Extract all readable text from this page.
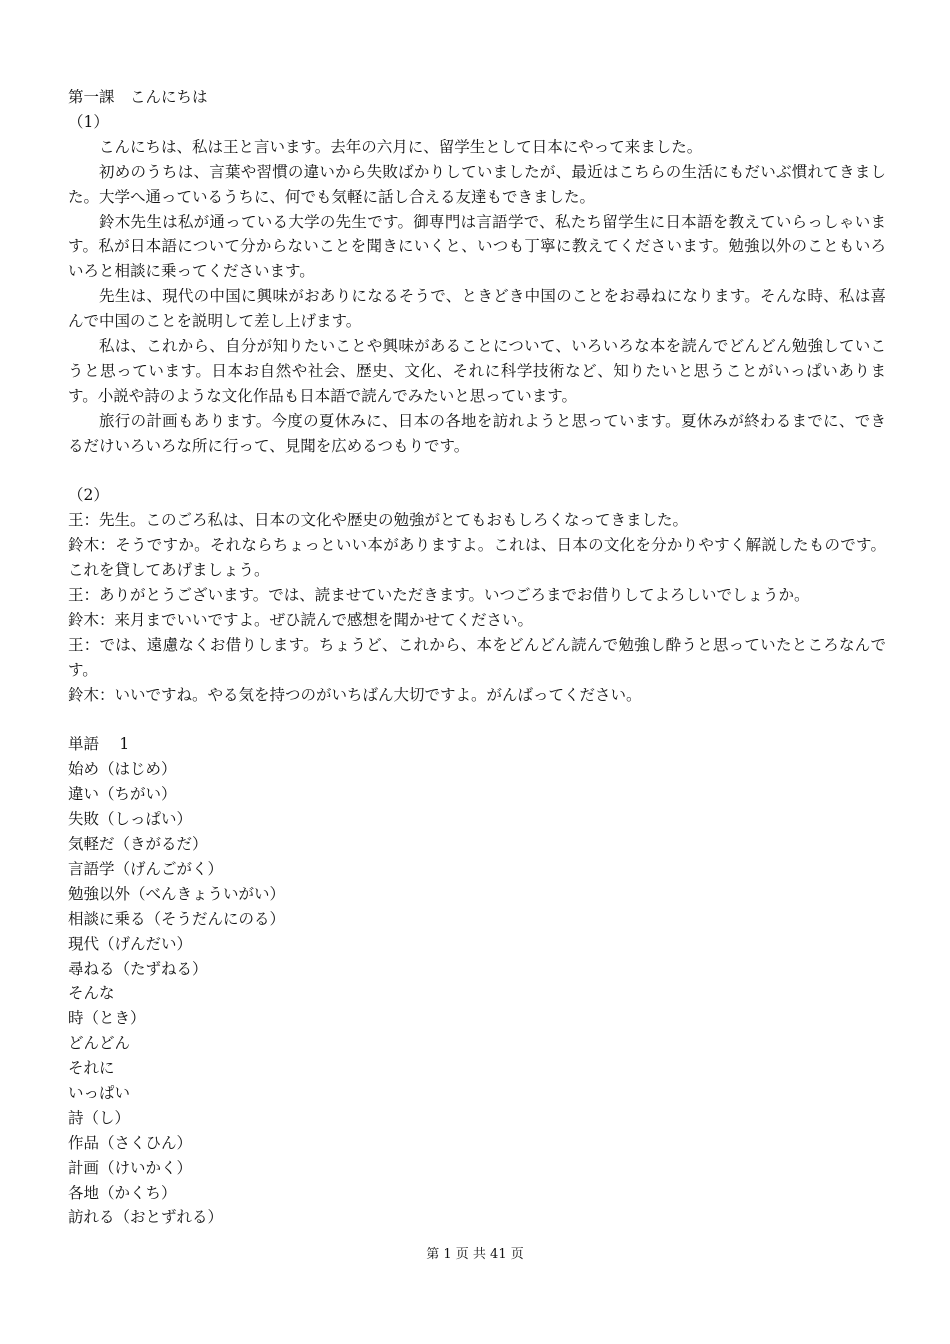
第一課　こんにちは
（1）
こんにちは、私は王と言います。去年の六月に、留学生として日本にやって来ました。
初めのうちは、言葉や習慣の違いから失敗ばかりしていましたが、最近はこちらの生活にもだいぶ慣れてきました。大学へ通っているうちに、何でも気軽に話し合える友達もできました。
鈴木先生は私が通っている大学の先生です。御専門は言語学で、私たち留学生に日本語を教えていらっしゃいます。私が日本語について分からないことを聞きにいくと、いつも丁寧に教えてくださいます。勉強以外のこともいろいろと相談に乗ってくださいます。
先生は、現代の中国に興味がおありになるそうで、ときどき中国のことをお尋ねになります。そんな時、私は喜んで中国のことを説明して差し上げます。
私は、これから、自分が知りたいことや興味があることについて、いろいろな本を読んでどんどん勉強していこうと思っています。日本お自然や社会、歴史、文化、それに科学技術など、知りたいと思うことがいっぱいあります。小説や詩のような文化作品も日本語で読んでみたいと思っています。
旅行の計画もあります。今度の夏休みに、日本の各地を訪れようと思っています。夏休みが終わるまでに、できるだけいろいろな所に行って、見聞を広めるつもりです。
（2）
王：先生。このごろ私は、日本の文化や歴史の勉強がとてもおもしろくなってきました。
鈴木：そうですか。それならちょっといい本がありますよ。これは、日本の文化を分かりやすく解説したものです。これを貸してあげましょう。
王：ありがとうございます。では、読ませていただきます。いつごろまでお借りしてよろしいでしょうか。
鈴木：来月までいいですよ。ぜひ読んで感想を聞かせてください。
王：では、遠慮なくお借りします。ちょうど、これから、本をどんどん読んで勉強し酔うと思っていたところなんです。
鈴木：いいですね。やる気を持つのがいちばん大切ですよ。がんばってください。
単語　 1
始め（はじめ）
違い（ちがい）
失敗（しっぱい）
気軽だ（きがるだ）
言語学（げんごがく）
勉強以外（べんきょういがい）
相談に乗る（そうだんにのる）
現代（げんだい）
尋ねる（たずねる）
そんな
時（とき）
どんどん
それに
いっぱい
詩（し）
作品（さくひん）
計画（けいかく）
各地（かくち）
訪れる（おとずれる）
第 1 页 共 41 页
